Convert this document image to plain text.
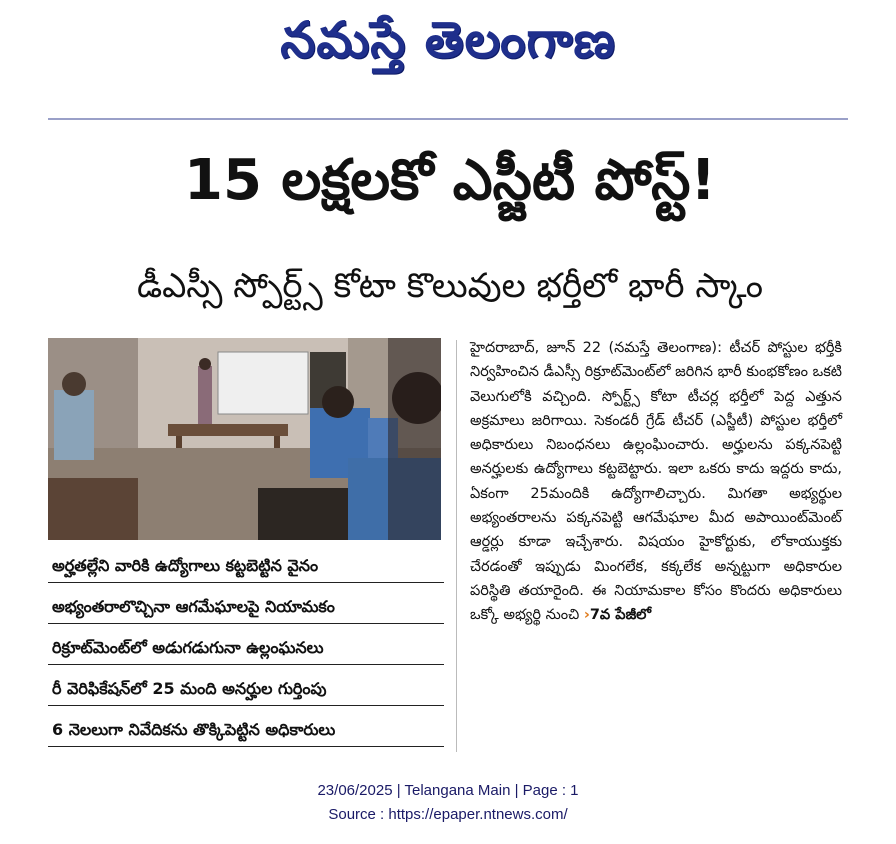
నమస్తే తెలంగాణ
15 లక్షలకో ఎస్జీటీ పోస్ట్!
డీఎస్సీ స్పోర్ట్స్ కోటా కొలువుల భర్తీలో భారీ స్కాం
అర్హతల్లేని వారికి ఉద్యోగాలు కట్టబెట్టిన వైనం
అభ్యంతరాలొచ్చినా ఆగమేఘాలపై నియామకం
రిక్రూట్‌మెంట్‌లో అడుగడుగునా ఉల్లంఘనలు
రీ వెరిఫికేషన్‌లో 25 మంది అనర్హుల గుర్తింపు
6 నెలలుగా నివేదికను తొక్కిపెట్టిన అధికారులు

హైదరాబాద్, జూన్ 22 (నమస్తే తెలంగాణ): టీచర్ పోస్టుల భర్తీకి నిర్వహించిన డీఎస్సీ రిక్రూట్‌మెంట్‌లో జరిగిన భారీ కుంభకోణం ఒకటి వెలుగులోకి వచ్చింది. స్పోర్ట్స్ కోటా టీచర్ల భర్తీలో పెద్ద ఎత్తున అక్రమాలు జరిగాయి. సెకండరీ గ్రేడ్ టీచర్ (ఎస్జీటీ) పోస్టుల భర్తీలో అధికారులు నిబంధనలు ఉల్లంఘించారు. అర్హులను పక్కనపెట్టి అనర్హులకు ఉద్యోగాలు కట్టబెట్టారు. ఇలా ఒకరు కాదు ఇద్దరు కాదు, ఏకంగా 25మందికి ఉద్యోగాలిచ్చారు. మిగతా అభ్యర్థుల అభ్యంతరాలను పక్కనపెట్టి ఆగమేఘాల మీద అపాయింట్‌మెంట్ ఆర్డర్లు కూడా ఇచ్చేశారు. విషయం హైకోర్టుకు, లోకాయుక్తకు చేరడంతో ఇప్పుడు మింగలేక, కక్కలేక అన్నట్టుగా అధికారుల పరిస్థితి తయారైంది. ఈ నియామకాల కోసం కొందరు అధికారులు ఒక్కో అభ్యర్థి నుంచి ›7వ పేజీలో

23/06/2025 | Telangana Main | Page : 1
Source : https://epaper.ntnews.com/
